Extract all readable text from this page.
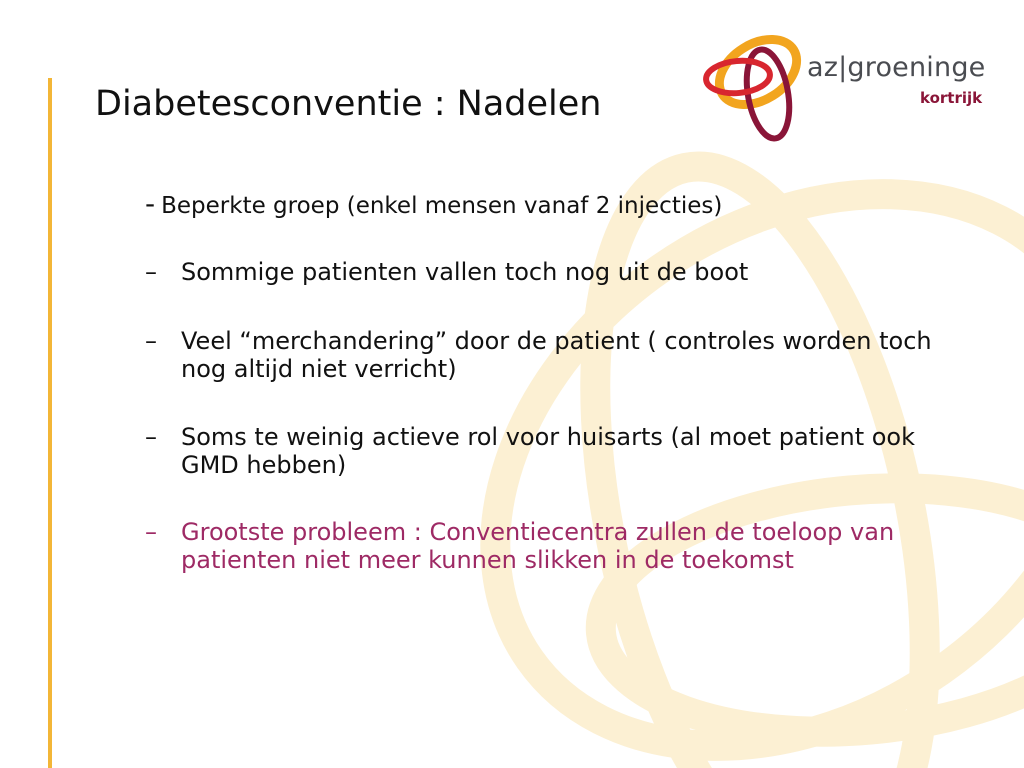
az|groeninge
kortrijk
Diabetesconventie : Nadelen
- Beperkte groep (enkel mensen vanaf 2 injecties)
–	Sommige patienten vallen toch nog uit de boot
–	Veel “merchandering” door de patient ( controles worden toch nog altijd niet verricht)
–	Soms te weinig actieve rol voor huisarts (al moet patient ook GMD hebben)
–	Grootste probleem : Conventiecentra zullen de toeloop van patienten niet meer kunnen slikken in de toekomst
